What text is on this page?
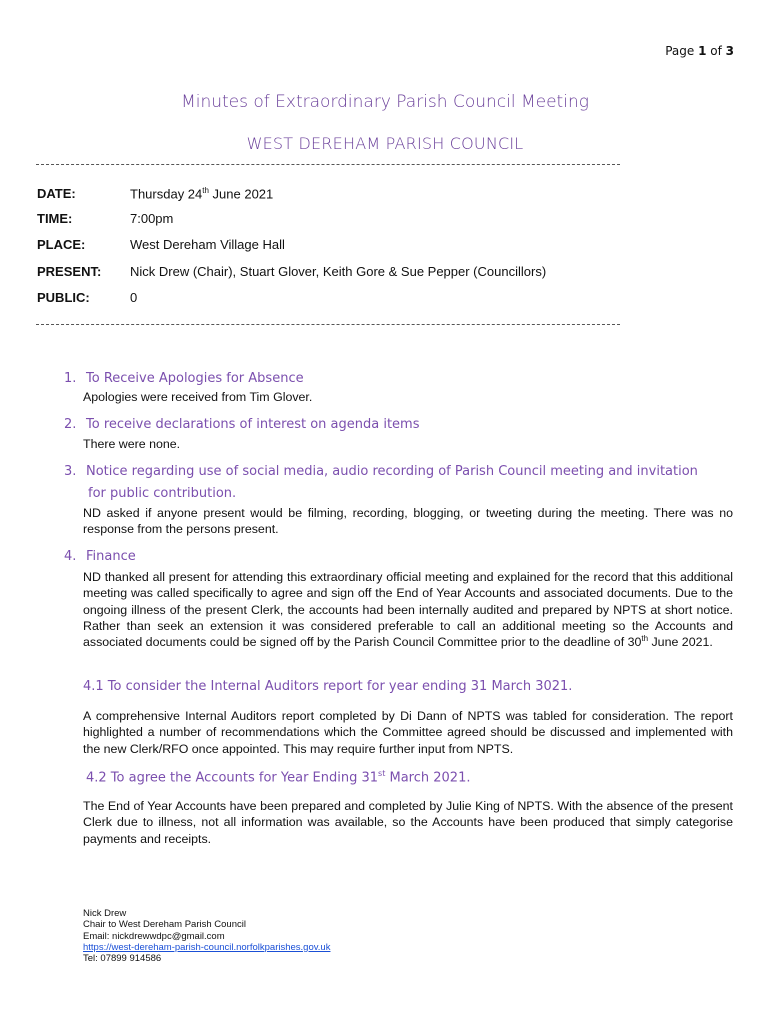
Page 1 of 3
Minutes of Extraordinary Parish Council Meeting
WEST DEREHAM PARISH COUNCIL
DATE:	Thursday 24th June 2021
TIME:	7:00pm
PLACE:	West Dereham Village Hall
PRESENT: Nick Drew (Chair), Stuart Glover, Keith Gore & Sue Pepper (Councillors)
PUBLIC:	0
1. To Receive Apologies for Absence
Apologies were received from Tim Glover.
2. To receive declarations of interest on agenda items
There were none.
3. Notice regarding use of social media, audio recording of Parish Council meeting and invitation
for public contribution.
ND asked if anyone present would be filming, recording, blogging, or tweeting during the meeting. There was no response from the persons present.
4. Finance
ND thanked all present for attending this extraordinary official meeting and explained for the record that this additional meeting was called specifically to agree and sign off the End of Year Accounts and associated documents. Due to the ongoing illness of the present Clerk, the accounts had been internally audited and prepared by NPTS at short notice. Rather than seek an extension it was considered preferable to call an additional meeting so the Accounts and associated documents could be signed off by the Parish Council Committee prior to the deadline of 30th June 2021.
4.1 To consider the Internal Auditors report for year ending 31 March 3021.
A comprehensive Internal Auditors report completed by Di Dann of NPTS was tabled for consideration. The report highlighted a number of recommendations which the Committee agreed should be discussed and implemented with the new Clerk/RFO once appointed. This may require further input from NPTS.
4.2 To agree the Accounts for Year Ending 31st March 2021.
The End of Year Accounts have been prepared and completed by Julie King of NPTS. With the absence of the present Clerk due to illness, not all information was available, so the Accounts have been produced that simply categorise payments and receipts.
Nick Drew
Chair to West Dereham Parish Council
Email: nickdrewwdpc@gmail.com
https://west-dereham-parish-council.norfolkparishes.gov.uk
Tel: 07899 914586
